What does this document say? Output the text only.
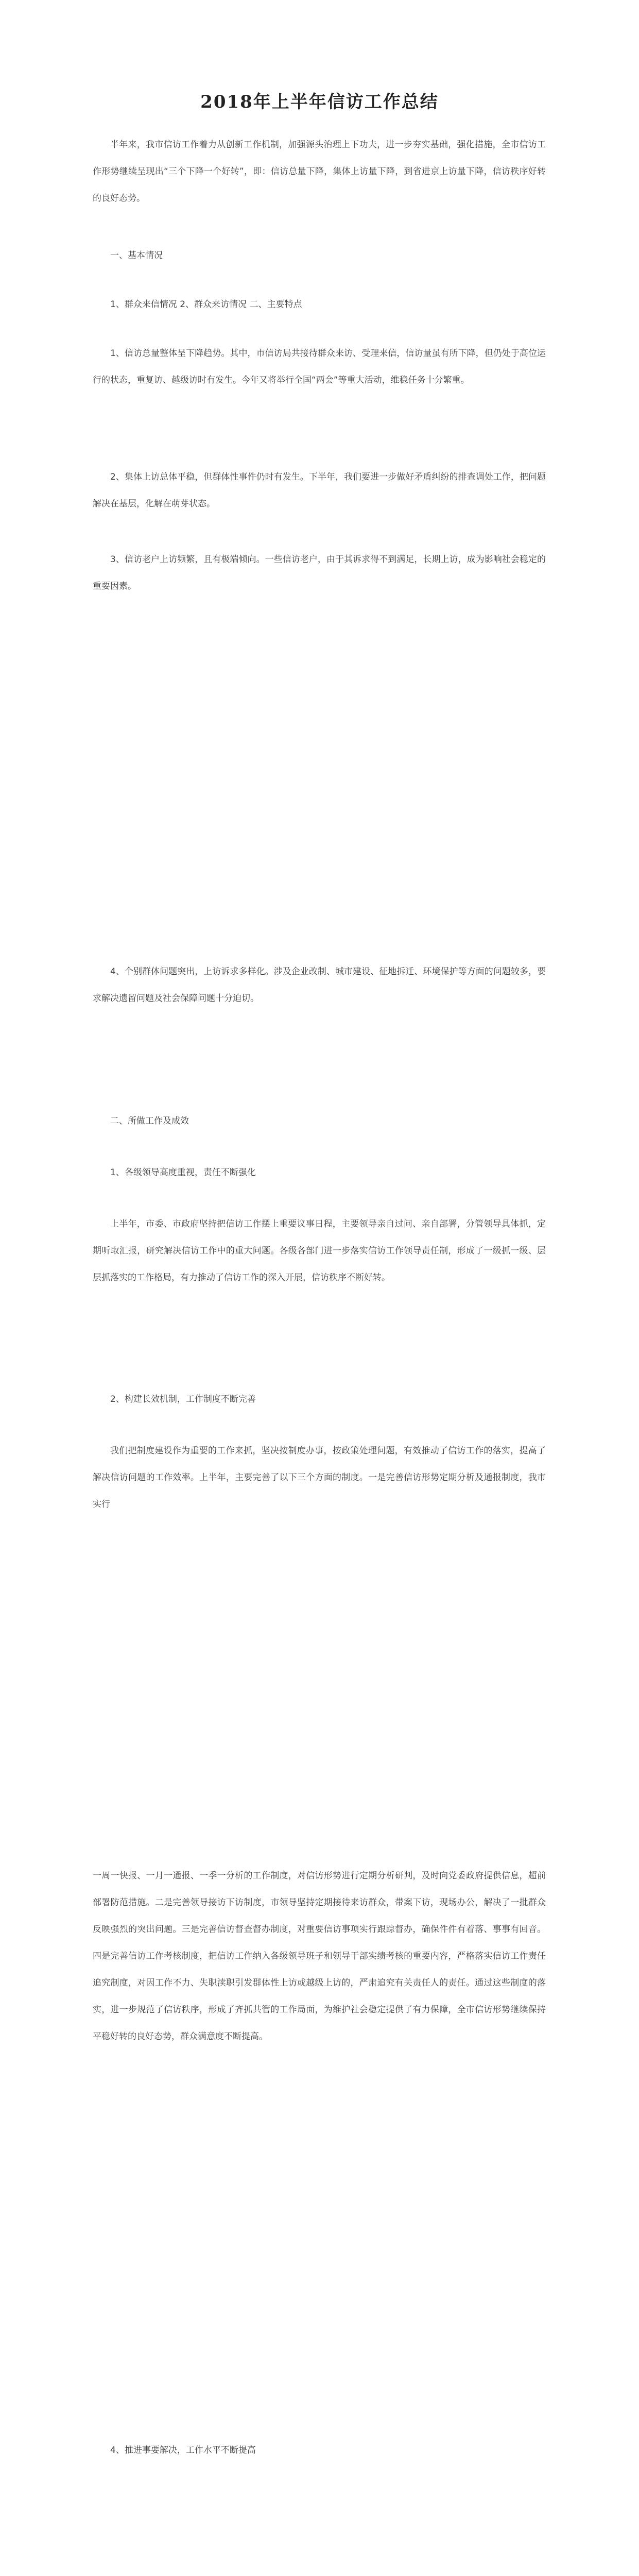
2018年上半年信访工作总结

半年来，我市信访工作着力从创新工作机制，加强源头治理上下功夫，进一步夯实基础，强化措施，全市信访工作形势继续呈现出“三个下降一个好转”，即：信访总量下降，集体上访量下降，到省进京上访量下降，信访秩序好转的良好态势。

一、基本情况

1、群众来信情况 2、群众来访情况 二、主要特点

1、信访总量整体呈下降趋势。其中，市信访局共接待群众来访、受理来信，信访量虽有所下降，但仍处于高位运行的状态，重复访、越级访时有发生。今年又将举行全国“两会”等重大活动，维稳任务十分繁重。

2、集体上访总体平稳，但群体性事件仍时有发生。下半年，我们要进一步做好矛盾纠纷的排查调处工作，把问题解决在基层，化解在萌芽状态。

3、信访老户上访频繁，且有极端倾向。一些信访老户，由于其诉求得不到满足，长期上访，成为影响社会稳定的重要因素。

4、个别群体问题突出，上访诉求多样化。涉及企业改制、城市建设、征地拆迁、环境保护等方面的问题较多，要求解决遗留问题及社会保障问题十分迫切。

二、所做工作及成效

1、各级领导高度重视，责任不断强化

上半年，市委、市政府坚持把信访工作摆上重要议事日程，主要领导亲自过问、亲自部署，分管领导具体抓，定期听取汇报，研究解决信访工作中的重大问题。各级各部门进一步落实信访工作领导责任制，形成了一级抓一级、层层抓落实的工作格局，有力推动了信访工作的深入开展，信访秩序不断好转。

2、构建长效机制，工作制度不断完善

我们把制度建设作为重要的工作来抓，坚决按制度办事，按政策处理问题，有效推动了信访工作的落实，提高了解决信访问题的工作效率。上半年，主要完善了以下三个方面的制度。一是完善信访形势定期分析及通报制度，我市实行

一周一快报、一月一通报、一季一分析的工作制度，对信访形势进行定期分析研判，及时向党委政府提供信息，超前部署防范措施。二是完善领导接访下访制度，市领导坚持定期接待来访群众，带案下访，现场办公，解决了一批群众反映强烈的突出问题。三是完善信访督查督办制度，对重要信访事项实行跟踪督办，确保件件有着落、事事有回音。四是完善信访工作考核制度，把信访工作纳入各级领导班子和领导干部实绩考核的重要内容，严格落实信访工作责任追究制度，对因工作不力、失职渎职引发群体性上访或越级上访的，严肃追究有关责任人的责任。通过这些制度的落实，进一步规范了信访秩序，形成了齐抓共管的工作局面，为维护社会稳定提供了有力保障，全市信访形势继续保持平稳好转的良好态势，群众满意度不断提高。

4、推进事要解决，工作水平不断提高
